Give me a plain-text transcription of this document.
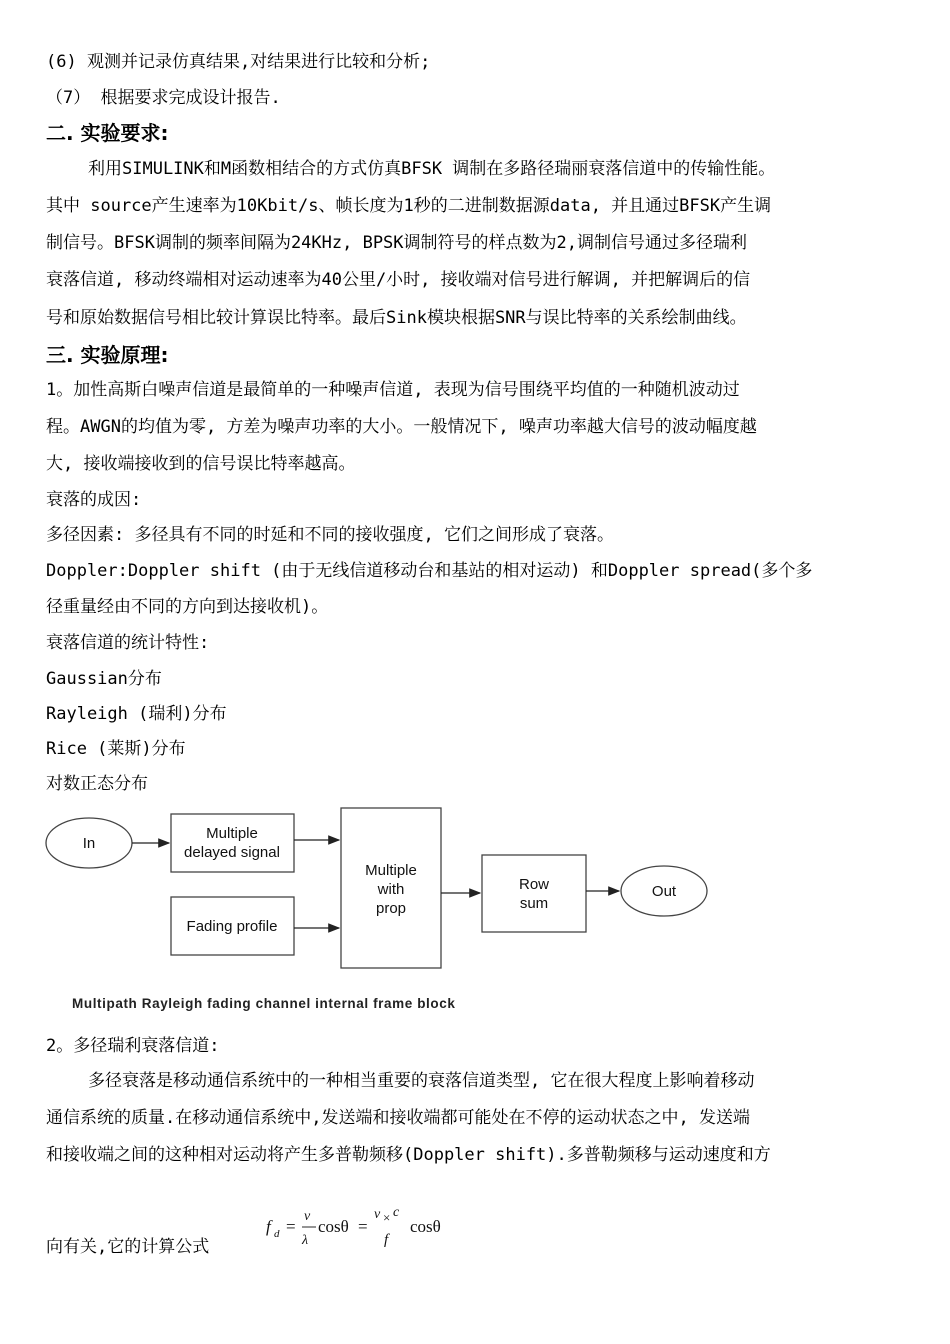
(6) 观测并记录仿真结果,对结果进行比较和分析;
（7） 根据要求完成设计报告.
二. 实验要求:
利用SIMULINK和M函数相结合的方式仿真BFSK 调制在多路径瑞丽衰落信道中的传输性能。
其中 source产生速率为10Kbit/s、帧长度为1秒的二进制数据源data, 并且通过BFSK产生调
制信号。BFSK调制的频率间隔为24KHz, BPSK调制符号的样点数为2,调制信号通过多径瑞利
衰落信道, 移动终端相对运动速率为40公里/小时, 接收端对信号进行解调, 并把解调后的信
号和原始数据信号相比较计算误比特率。最后Sink模块根据SNR与误比特率的关系绘制曲线。
三. 实验原理:
1。加性高斯白噪声信道是最简单的一种噪声信道, 表现为信号围绕平均值的一种随机波动过
程。AWGN的均值为零, 方差为噪声功率的大小。一般情况下, 噪声功率越大信号的波动幅度越
大, 接收端接收到的信号误比特率越高。
衰落的成因:
多径因素: 多径具有不同的时延和不同的接收强度, 它们之间形成了衰落。
Doppler:Doppler shift (由于无线信道移动台和基站的相对运动) 和Doppler spread(多个多
径重量经由不同的方向到达接收机)。
衰落信道的统计特性:
Gaussian分布
Rayleigh (瑞利)分布
Rice (莱斯)分布
对数正态分布
In
Multiple
delayed signal
Fading profile
Multiple
with
prop
Row
sum
Out
Multipath Rayleigh fading channel internal frame block
2。多径瑞利衰落信道:
多径衰落是移动通信系统中的一种相当重要的衰落信道类型, 它在很大程度上影响着移动
通信系统的质量.在移动通信系统中,发送端和接收端都可能处在不停的运动状态之中, 发送端
和接收端之间的这种相对运动将产生多普勒频移(Doppler shift).多普勒频移与运动速度和方
向有关,它的计算公式
f d =
v
λ
cosθ =
v × c
f
cosθ
